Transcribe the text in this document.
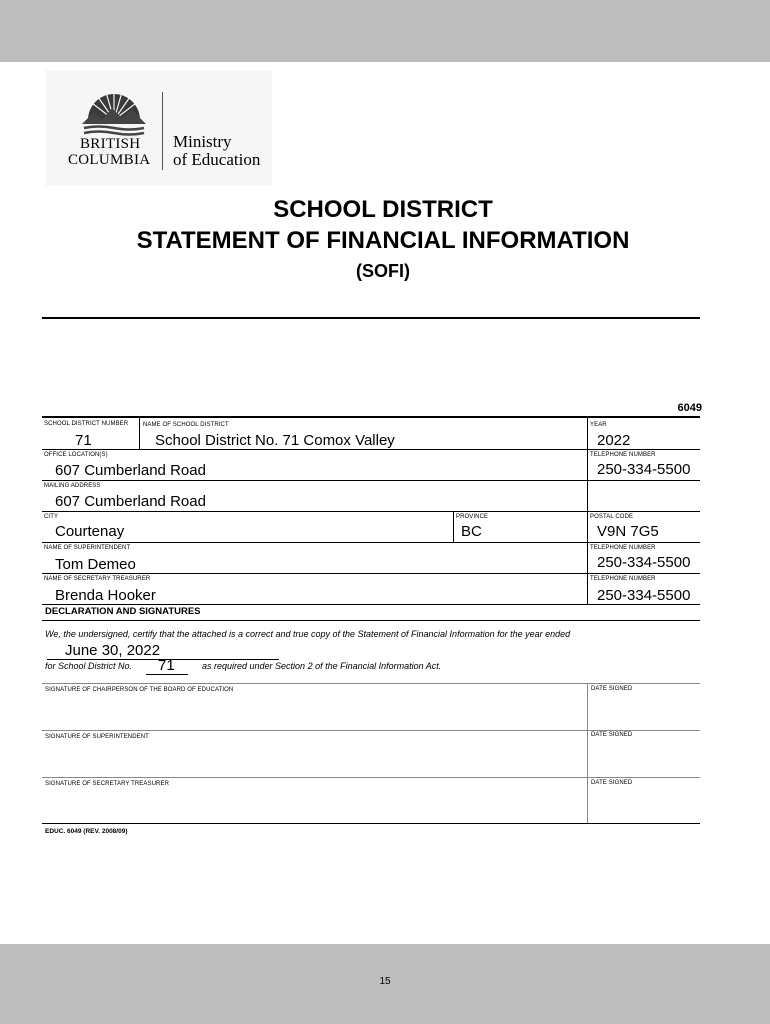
BRITISH
COLUMBIA
Ministry
of Education
SCHOOL DISTRICT
STATEMENT OF FINANCIAL INFORMATION
(SOFI)
6049
SCHOOL DISTRICT NUMBER
71
NAME OF SCHOOL DISTRICT
School District No. 71 Comox Valley
YEAR
2022
OFFICE LOCATION(S)
607 Cumberland Road
TELEPHONE NUMBER
250-334-5500
MAILING ADDRESS
607 Cumberland Road
CITY
Courtenay
PROVINCE
BC
POSTAL CODE
V9N 7G5
NAME OF SUPERINTENDENT
Tom Demeo
TELEPHONE NUMBER
250-334-5500
NAME OF SECRETARY TREASURER
Brenda Hooker
TELEPHONE NUMBER
250-334-5500
DECLARATION AND SIGNATURES
We, the undersigned, certify that the attached is a correct and true copy of the Statement of Financial Information for the year ended
June 30, 2022
for School District No. 71	as required under Section 2 of the Financial Information Act.
SIGNATURE OF CHAIRPERSON OF THE BOARD OF EDUCATION	DATE SIGNED
SIGNATURE OF SUPERINTENDENT	DATE SIGNED
SIGNATURE OF SECRETARY TREASURER	DATE SIGNED
EDUC. 6049 (REV. 2008/09)
15
